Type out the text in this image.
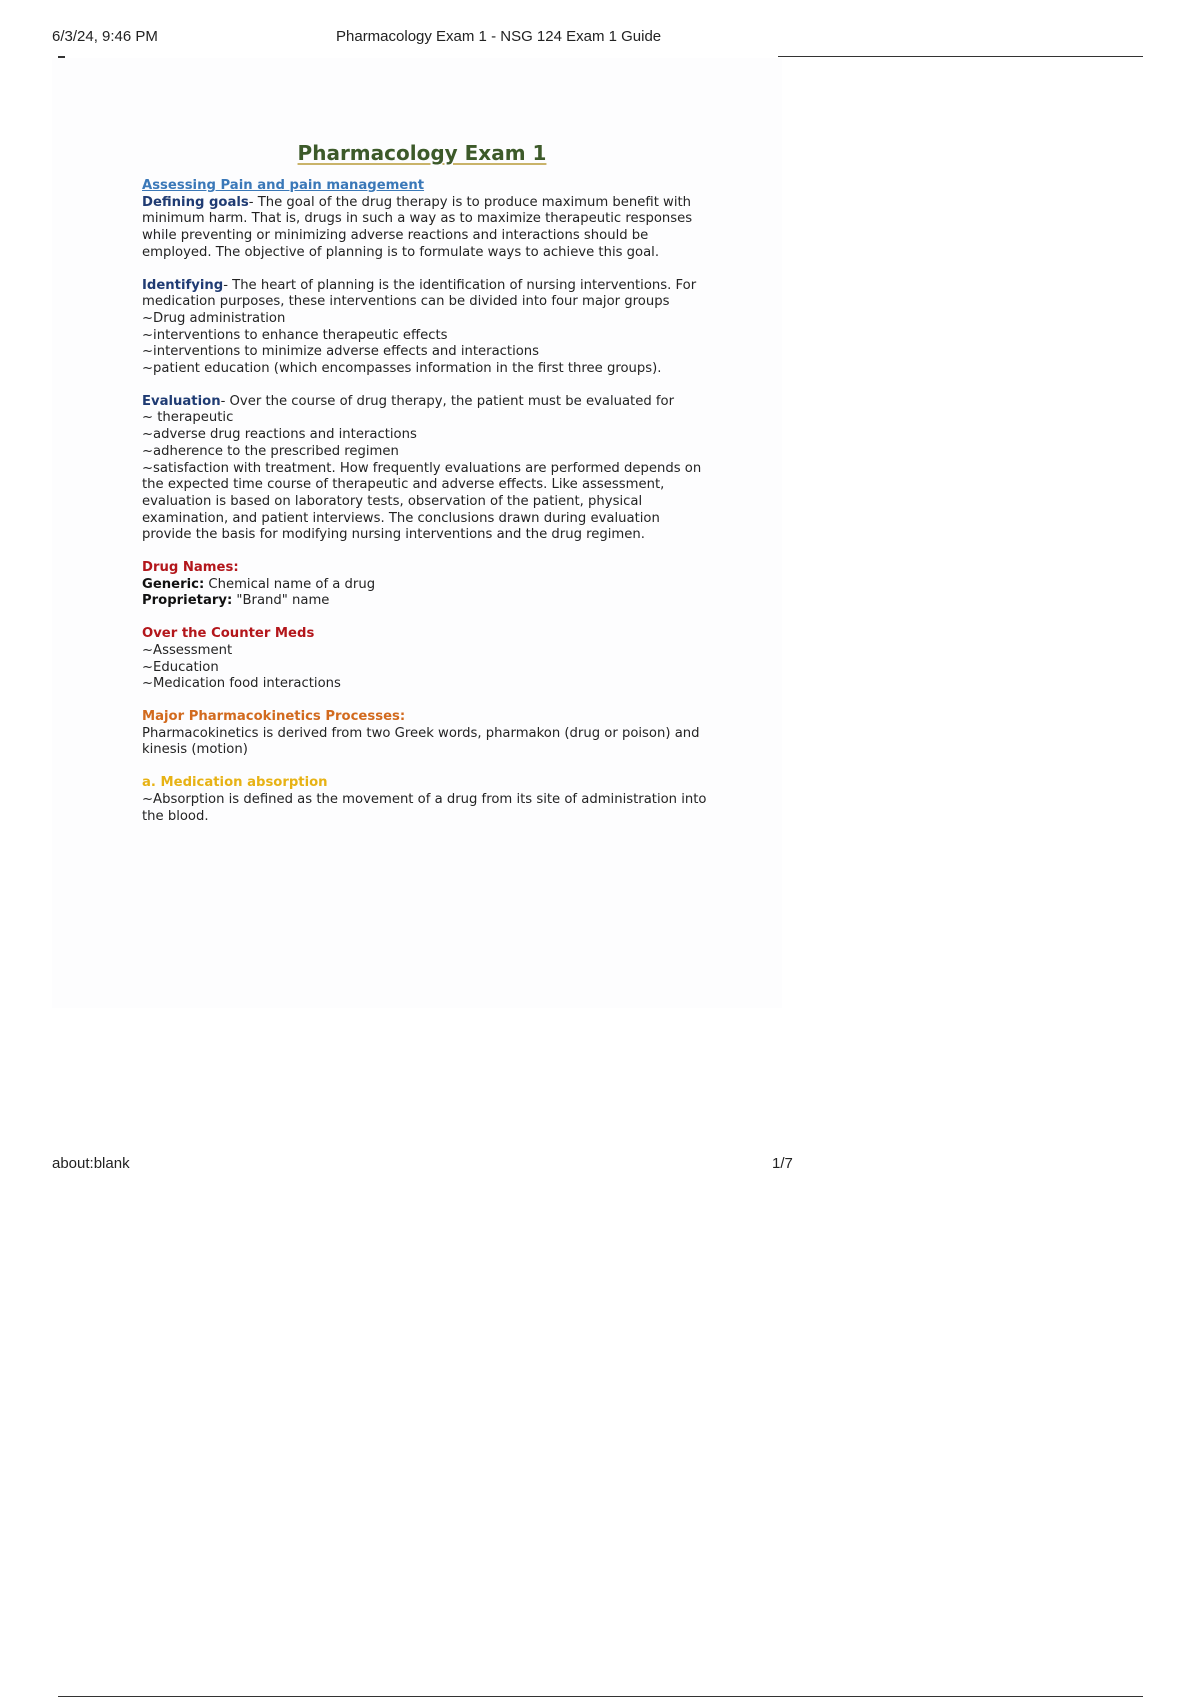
6/3/24, 9:46 PM	Pharmacology Exam 1 - NSG 124 Exam 1 Guide
Pharmacology Exam 1
Assessing Pain and pain management
Defining goals- The goal of the drug therapy is to produce maximum benefit with minimum harm. That is, drugs in such a way as to maximize therapeutic responses while preventing or minimizing adverse reactions and interactions should be employed. The objective of planning is to formulate ways to achieve this goal.
Identifying- The heart of planning is the identification of nursing interventions. For medication purposes, these interventions can be divided into four major groups
~Drug administration
~interventions to enhance therapeutic effects
~interventions to minimize adverse effects and interactions
~patient education (which encompasses information in the first three groups).
Evaluation- Over the course of drug therapy, the patient must be evaluated for
~ therapeutic
~adverse drug reactions and interactions
~adherence to the prescribed regimen
~satisfaction with treatment. How frequently evaluations are performed depends on the expected time course of therapeutic and adverse effects. Like assessment, evaluation is based on laboratory tests, observation of the patient, physical examination, and patient interviews. The conclusions drawn during evaluation provide the basis for modifying nursing interventions and the drug regimen.
Drug Names:
Generic: Chemical name of a drug
Proprietary: "Brand" name
Over the Counter Meds
~Assessment
~Education
~Medication food interactions
Major Pharmacokinetics Processes:
Pharmacokinetics is derived from two Greek words, pharmakon (drug or poison) and kinesis (motion)
a. Medication absorption
~Absorption is defined as the movement of a drug from its site of administration into the blood.
about:blank	1/7
